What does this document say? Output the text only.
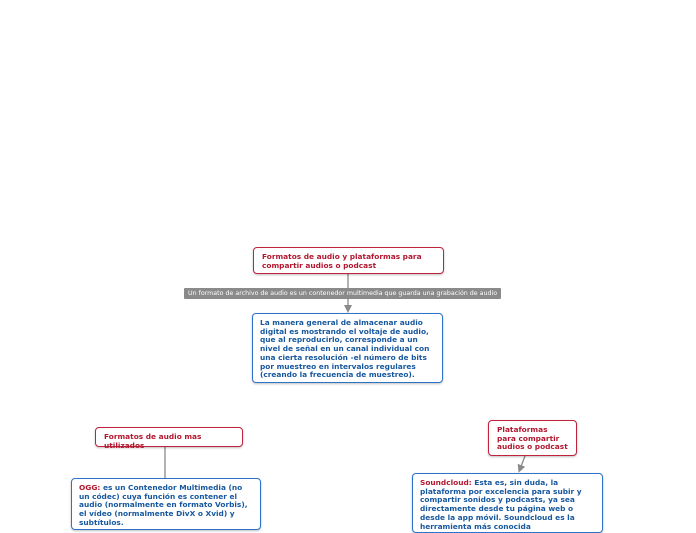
Formatos de audio y plataformas para compartir audios o podcast
Un formato de archivo de audio es un contenedor multimedia que guarda una grabación de audio
La manera general de almacenar audio digital es mostrando el voltaje de audio, que al reproducirlo, corresponde a un nivel de señal en un canal individual con una cierta resolución -el número de bits por muestreo en intervalos regulares (creando la frecuencia de muestreo).
Formatos de audio mas utilizados
OGG: es un Contenedor Multimedia (no un códec) cuya función es contener el audio (normalmente en formato Vorbis), el vídeo (normalmente DivX o Xvid) y subtítulos.
Plataformas para compartir audios o podcast
Soundcloud: Esta es, sin duda, la plataforma por excelencia para subir y compartir sonidos y podcasts, ya sea directamente desde tu página web o desde la app móvil. Soundcloud es la herramienta más conocida
